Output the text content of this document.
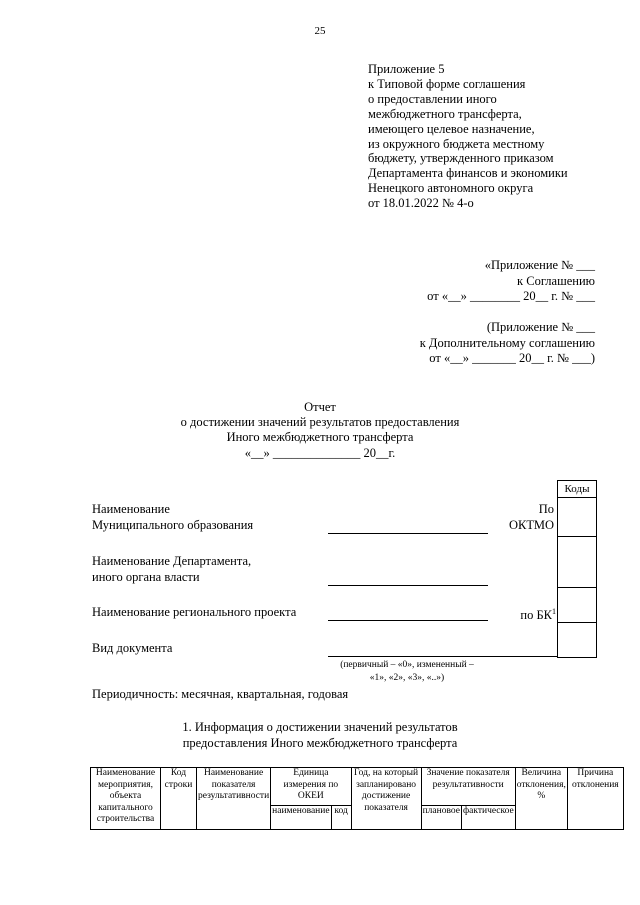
25
Приложение 5
к Типовой форме соглашения
о предоставлении иного
межбюджетного трансферта,
имеющего целевое назначение,
из окружного бюджета местному
бюджету, утвержденного приказом
Департамента финансов и экономики
Ненецкого автономного округа
от 18.01.2022 № 4-о
«Приложение № ___
к Соглашению
от «__» ________ 20__ г. № ___
(Приложение № ___
к Дополнительному соглашению
от «__» _______ 20__ г. № ___)
Отчет
о достижении значений результатов предоставления
Иного межбюджетного трансферта
«__» ______________ 20__г.
Коды

Наименование
Муниципального образования
По
ОКТМО
Наименование Департамента,
иного органа власти
Наименование регионального проекта	по $БК^1$
Вид документа
(первичный – «0», измененный –
«1», «2», «3», «..»)
Периодичность: месячная, квартальная, годовая
1. Информация о достижении значений результатов
предоставления Иного межбюджетного трансферта
Наименование мероприятия, объекта капитального строительства	Код строки	Наименование показателя результативности	Единица измерения по ОКЕИ		Год, на который запланировано достижение показателя	Значение показателя результативности		Величина отклонения, %	Причина отклонения
			наименование	код		плановое	фактическое		
